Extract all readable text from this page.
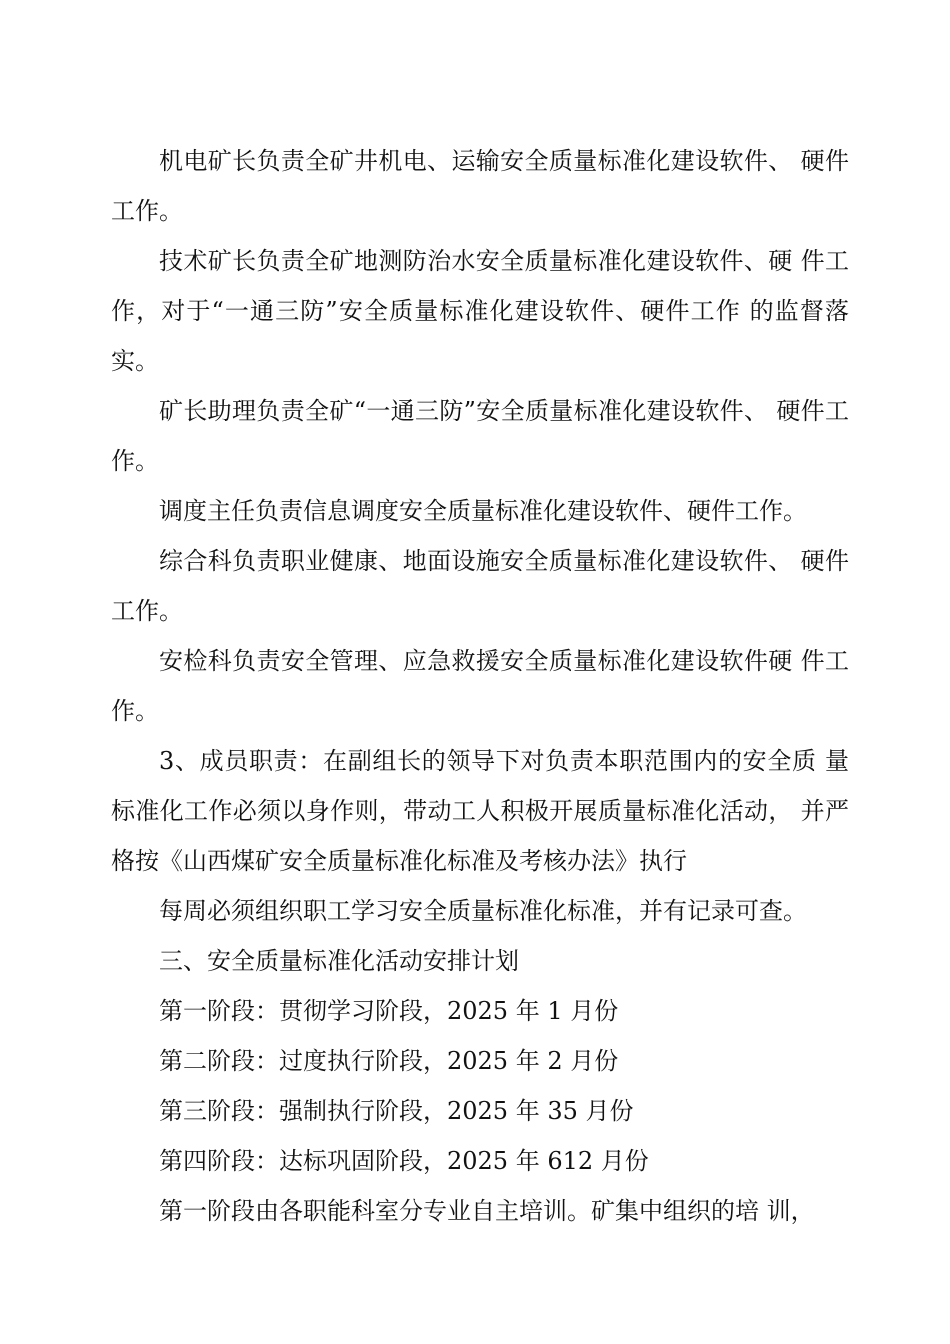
机电矿长负责全矿井机电、运输安全质量标准化建设软件、 硬件工作。

技术矿长负责全矿地测防治水安全质量标准化建设软件、硬 件工作，对于“一通三防”安全质量标准化建设软件、硬件工作 的监督落实。

矿长助理负责全矿“一通三防”安全质量标准化建设软件、 硬件工作。

调度主任负责信息调度安全质量标准化建设软件、硬件工作。

综合科负责职业健康、地面设施安全质量标准化建设软件、 硬件工作。

安检科负责安全管理、应急救援安全质量标准化建设软件硬 件工作。

3、成员职责：在副组长的领导下对负责本职范围内的安全质 量标准化工作必须以身作则，带动工人积极开展质量标准化活动， 并严格按《山西煤矿安全质量标准化标准及考核办法》执行

每周必须组织职工学习安全质量标准化标准，并有记录可查。

三、安全质量标准化活动安排计划

第一阶段：贯彻学习阶段，2025 年 1 月份

第二阶段：过度执行阶段，2025 年 2 月份

第三阶段：强制执行阶段，2025 年 35 月份

第四阶段：达标巩固阶段，2025 年 612 月份

第一阶段由各职能科室分专业自主培训。矿集中组织的培 训，
